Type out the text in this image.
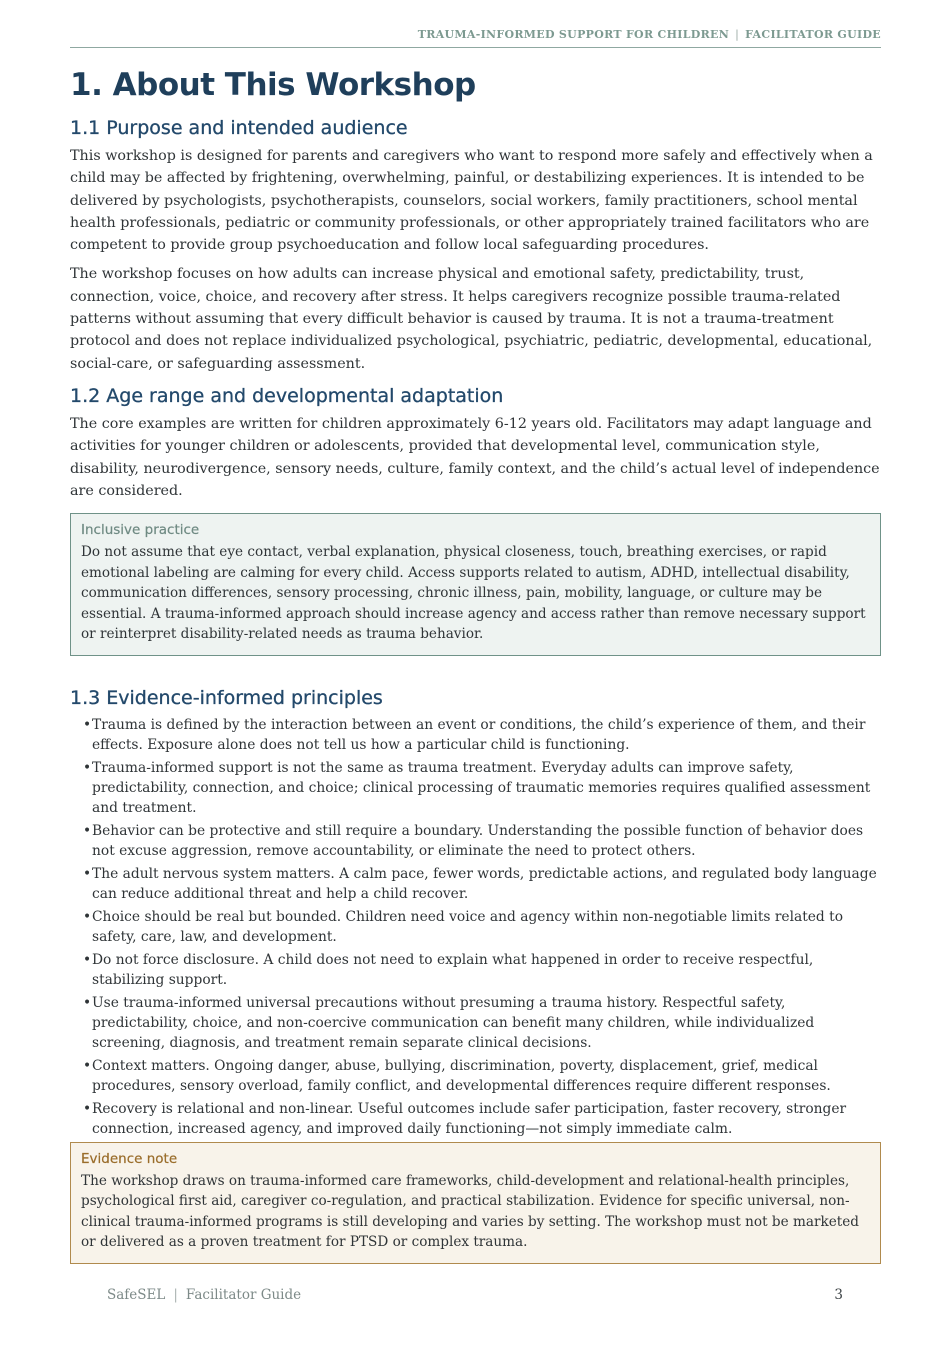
TRAUMA-INFORMED SUPPORT FOR CHILDREN | FACILITATOR GUIDE
1. About This Workshop
1.1 Purpose and intended audience

This workshop is designed for parents and caregivers who want to respond more safely and effectively when a child may be affected by frightening, overwhelming, painful, or destabilizing experiences. It is intended to be delivered by psychologists, psychotherapists, counselors, social workers, family practitioners, school mental health professionals, pediatric or community professionals, or other appropriately trained facilitators who are competent to provide group psychoeducation and follow local safeguarding procedures.

The workshop focuses on how adults can increase physical and emotional safety, predictability, trust, connection, voice, choice, and recovery after stress. It helps caregivers recognize possible trauma-related patterns without assuming that every difficult behavior is caused by trauma. It is not a trauma-treatment protocol and does not replace individualized psychological, psychiatric, pediatric, developmental, educational, social-care, or safeguarding assessment.

1.2 Age range and developmental adaptation

The core examples are written for children approximately 6-12 years old. Facilitators may adapt language and activities for younger children or adolescents, provided that developmental level, communication style, disability, neurodivergence, sensory needs, culture, family context, and the child’s actual level of independence are considered.

Inclusive practice

Do not assume that eye contact, verbal explanation, physical closeness, touch, breathing exercises, or rapid emotional labeling are calming for every child. Access supports related to autism, ADHD, intellectual disability, communication differences, sensory processing, chronic illness, pain, mobility, language, or culture may be essential. A trauma-informed approach should increase agency and access rather than remove necessary support or reinterpret disability-related needs as trauma behavior.

1.3 Evidence-informed principles
•Trauma is defined by the interaction between an event or conditions, the child’s experience of them, and their effects. Exposure alone does not tell us how a particular child is functioning.
•Trauma-informed support is not the same as trauma treatment. Everyday adults can improve safety, predictability, connection, and choice; clinical processing of traumatic memories requires qualified assessment and treatment.
•Behavior can be protective and still require a boundary. Understanding the possible function of behavior does not excuse aggression, remove accountability, or eliminate the need to protect others.
•The adult nervous system matters. A calm pace, fewer words, predictable actions, and regulated body language can reduce additional threat and help a child recover.
•Choice should be real but bounded. Children need voice and agency within non-negotiable limits related to safety, care, law, and development.
•Do not force disclosure. A child does not need to explain what happened in order to receive respectful, stabilizing support.
•Use trauma-informed universal precautions without presuming a trauma history. Respectful safety, predictability, choice, and non-coercive communication can benefit many children, while individualized screening, diagnosis, and treatment remain separate clinical decisions.
•Context matters. Ongoing danger, abuse, bullying, discrimination, poverty, displacement, grief, medical procedures, sensory overload, family conflict, and developmental differences require different responses.
•Recovery is relational and non-linear. Useful outcomes include safer participation, faster recovery, stronger connection, increased agency, and improved daily functioning—not simply immediate calm.
Evidence note

The workshop draws on trauma-informed care frameworks, child-development and relational-health principles, psychological first aid, caregiver co-regulation, and practical stabilization. Evidence for specific universal, non-clinical trauma-informed programs is still developing and varies by setting. The workshop must not be marketed or delivered as a proven treatment for PTSD or complex trauma.

SafeSEL | Facilitator Guide	3
